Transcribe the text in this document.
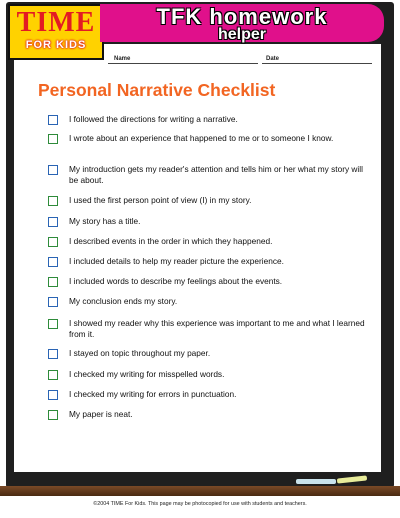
TIME
FOR KIDS
TFK homework
helper
Name	Date
Personal Narrative Checklist
I followed the directions for writing a narrative.
I wrote about an experience that happened to me or to someone I know.
My introduction gets my reader's attention and tells him or her what my story will be about.
I used the first person point of view (I) in my story.
My story has a title.
I described events in the order in which they happened.
I included details to help my reader picture the experience.
I included words to describe my feelings about the events.
My conclusion ends my story.
I showed my reader why this experience was important to me and what I learned from it.
I stayed on topic throughout my paper.
I checked my writing for misspelled words.
I checked my writing for errors in punctuation.
My paper is neat.
©2004 TIME For Kids. This page may be photocopied for use with students and teachers.
